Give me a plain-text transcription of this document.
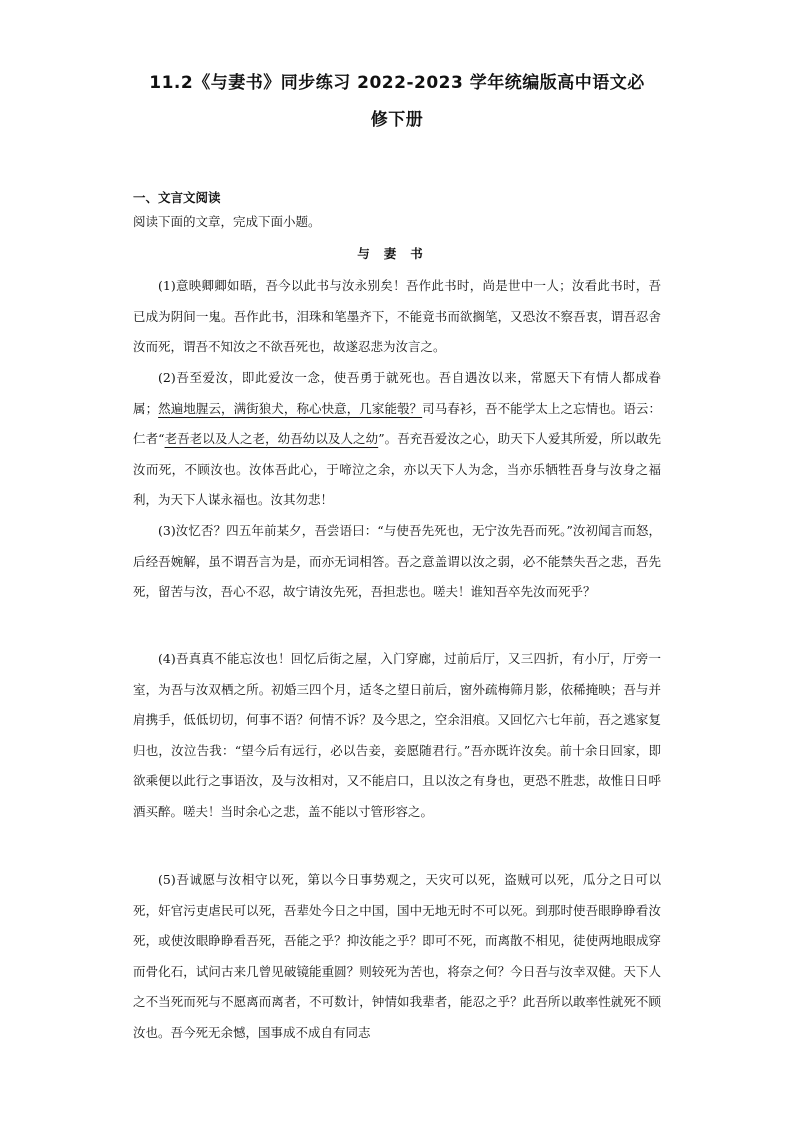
11.2《与妻书》同步练习 2022-2023 学年统编版高中语文必

修下册

一、文言文阅读

阅读下面的文章，完成下面小题。

与妻书

(1)意映卿卿如晤，吾今以此书与汝永别矣！吾作此书时，尚是世中一人；汝看此书时，吾已成为阴间一鬼。吾作此书，泪珠和笔墨齐下，不能竟书而欲搁笔，又恐汝不察吾衷，谓吾忍舍汝而死，谓吾不知汝之不欲吾死也，故遂忍悲为汝言之。

(2)吾至爱汝，即此爱汝一念，使吾勇于就死也。吾自遇汝以来，常愿天下有情人都成眷属；然遍地腥云，满街狼犬，称心快意，几家能彀？司马春衫，吾不能学太上之忘情也。语云：仁者“老吾老以及人之老，幼吾幼以及人之幼”。吾充吾爱汝之心，助天下人爱其所爱，所以敢先汝而死，不顾汝也。汝体吾此心，于啼泣之余，亦以天下人为念，当亦乐牺牲吾身与汝身之福利，为天下人谋永福也。汝其勿悲！

(3)汝忆否？四五年前某夕，吾尝语曰：“与使吾先死也，无宁汝先吾而死。”汝初闻言而怒，后经吾婉解，虽不谓吾言为是，而亦无词相答。吾之意盖谓以汝之弱，必不能禁失吾之悲，吾先死，留苦与汝，吾心不忍，故宁请汝先死，吾担悲也。嗟夫！谁知吾卒先汝而死乎？

(4)吾真真不能忘汝也！回忆后街之屋，入门穿廊，过前后厅，又三四折，有小厅，厅旁一室，为吾与汝双栖之所。初婚三四个月，适冬之望日前后，窗外疏梅筛月影，依稀掩映；吾与并肩携手，低低切切，何事不语？何情不诉？及今思之，空余泪痕。又回忆六七年前，吾之逃家复归也，汝泣告我：“望今后有远行，必以告妾，妾愿随君行。”吾亦既许汝矣。前十余日回家，即欲乘便以此行之事语汝，及与汝相对，又不能启口，且以汝之有身也，更恐不胜悲，故惟日日呼酒买醉。嗟夫！当时余心之悲，盖不能以寸管形容之。

(5)吾诚愿与汝相守以死，第以今日事势观之，天灾可以死，盗贼可以死，瓜分之日可以死，奸官污吏虐民可以死，吾辈处今日之中国，国中无地无时不可以死。到那时使吾眼睁睁看汝死，或使汝眼睁睁看吾死，吾能之乎？抑汝能之乎？即可不死，而离散不相见，徒使两地眼成穿而骨化石，试问古来几曾见破镜能重圆？则较死为苦也，将奈之何？今日吾与汝幸双健。天下人之不当死而死与不愿离而离者，不可数计，钟情如我辈者，能忍之乎？此吾所以敢率性就死不顾汝也。吾今死无余憾，国事成不成自有同志
